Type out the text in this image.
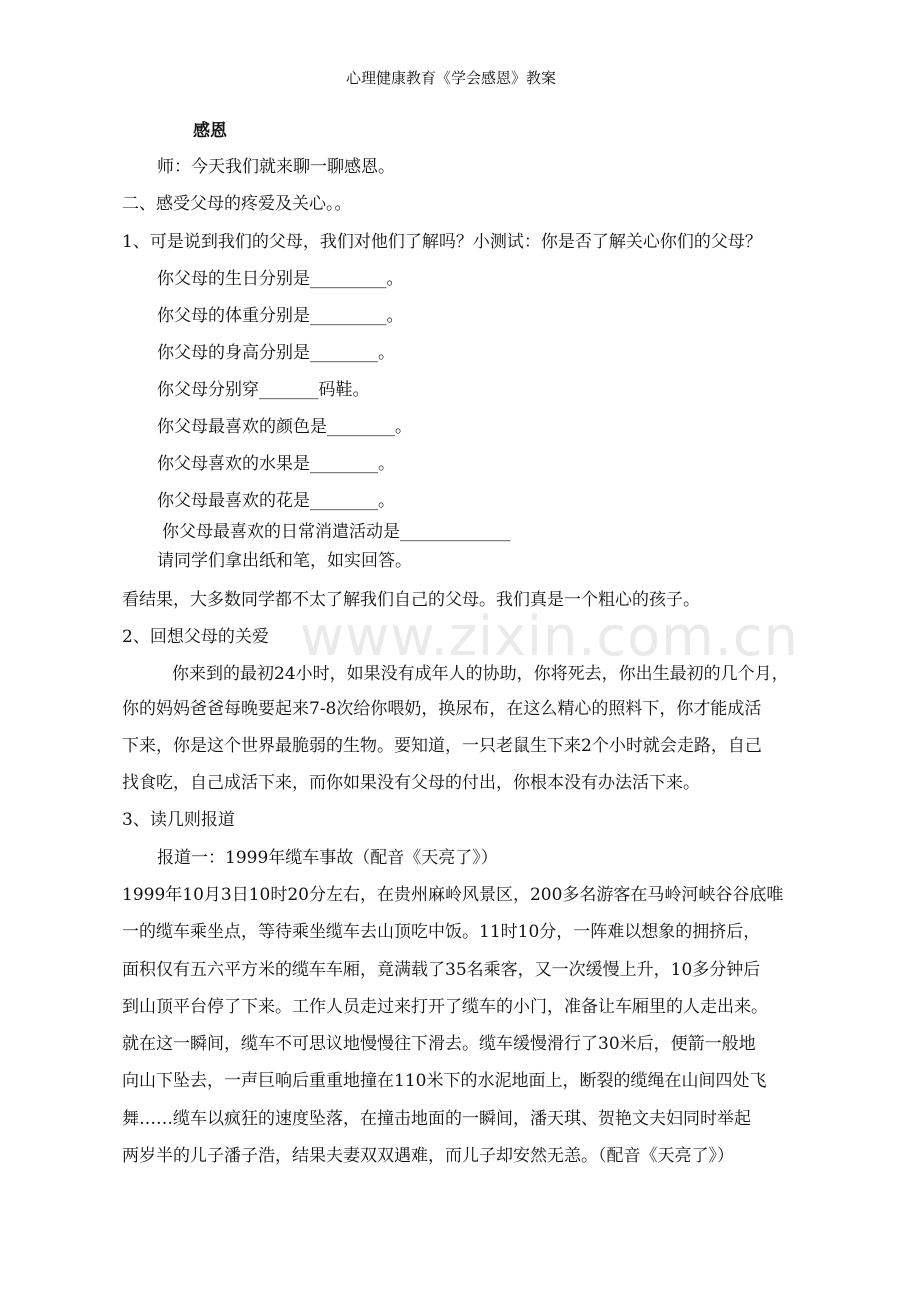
心理健康教育《学会感恩》教案
www.zixin.com.cn
感恩
师：今天我们就来聊一聊感恩。
二、感受父母的疼爱及关心。。
1、可是说到我们的父母，我们对他们了解吗？小测试：你是否了解关心你们的父母？
你父母的生日分别是_________。
你父母的体重分别是_________。
你父母的身高分别是________。
你父母分别穿_______码鞋。
你父母最喜欢的颜色是________。
你父母喜欢的水果是________。
你父母最喜欢的花是________。
你父母最喜欢的日常消遣活动是_____________
请同学们拿出纸和笔，如实回答。
看结果，大多数同学都不太了解我们自己的父母。我们真是一个粗心的孩子。
2、回想父母的关爱
你来到的最初24小时，如果没有成年人的协助，你将死去，你出生最初的几个月，
你的妈妈爸爸每晚要起来7-8次给你喂奶，换尿布，在这么精心的照料下，你才能成活
下来，你是这个世界最脆弱的生物。要知道，一只老鼠生下来2个小时就会走路，自己
找食吃，自己成活下来，而你如果没有父母的付出，你根本没有办法活下来。
3、读几则报道
报道一：1999年缆车事故（配音《天亮了》）
1999年10月3日10时20分左右，在贵州麻岭风景区，200多名游客在马岭河峡谷谷底唯
一的缆车乘坐点，等待乘坐缆车去山顶吃中饭。11时10分，一阵难以想象的拥挤后，
面积仅有五六平方米的缆车车厢，竟满载了35名乘客，又一次缓慢上升，10多分钟后
到山顶平台停了下来。工作人员走过来打开了缆车的小门，准备让车厢里的人走出来。
就在这一瞬间，缆车不可思议地慢慢往下滑去。缆车缓慢滑行了30米后，便箭一般地
向山下坠去，一声巨响后重重地撞在110米下的水泥地面上，断裂的缆绳在山间四处飞
舞……缆车以疯狂的速度坠落，在撞击地面的一瞬间，潘天琪、贺艳文夫妇同时举起
两岁半的儿子潘子浩，结果夫妻双双遇难，而儿子却安然无恙。（配音《天亮了》）
